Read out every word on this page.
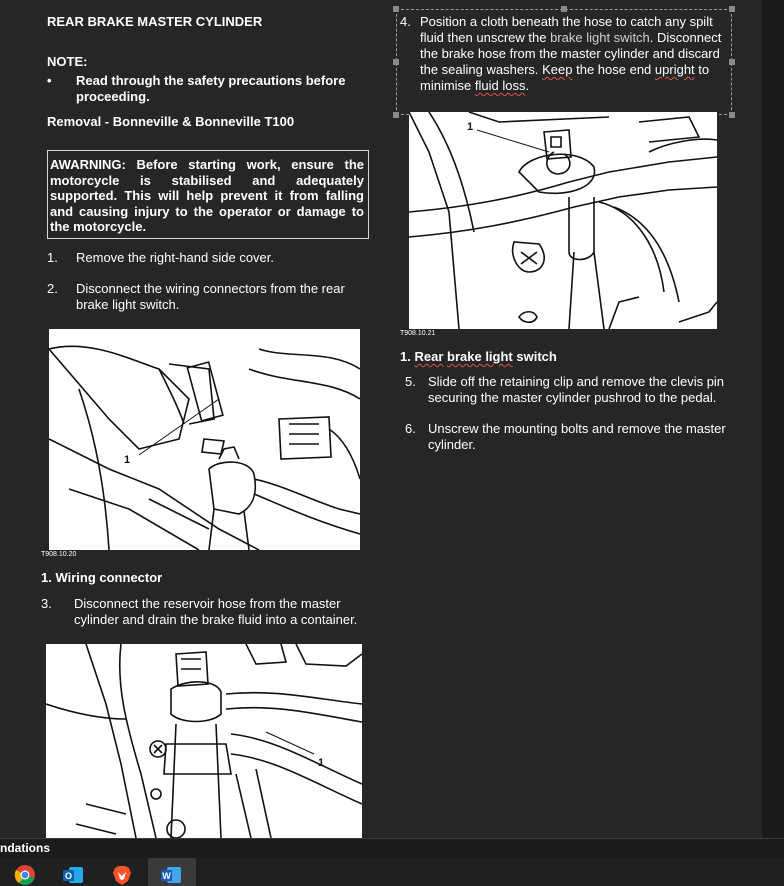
REAR BRAKE MASTER CYLINDER
NOTE:
• Read through the safety precautions before proceeding.
Removal - Bonneville & Bonneville T100
AWARNING: Before starting work, ensure the motorcycle is stabilised and adequately supported. This will help prevent it from falling and causing injury to the operator or damage to the motorcycle.
1.	Remove the right-hand side cover.
2.	Disconnect the wiring connectors from the rear brake light switch.
1
T908.10.20
1. Wiring connector
3.	Disconnect the reservoir hose from the master cylinder and drain the brake fluid into a container.
1
4. Position a cloth beneath the hose to catch any spilt fluid then unscrew the brake light switch. Disconnect the brake hose from the master cylinder and discard the sealing washers. Keep the hose end upright to minimise fluid loss.
1
T908.10.21
1. Rear brake light switch
5. Slide off the retaining clip and remove the clevis pin securing the master cylinder pushrod to the pedal.
6. Unscrew the mounting bolts and remove the master cylinder.
ndations
O	W
